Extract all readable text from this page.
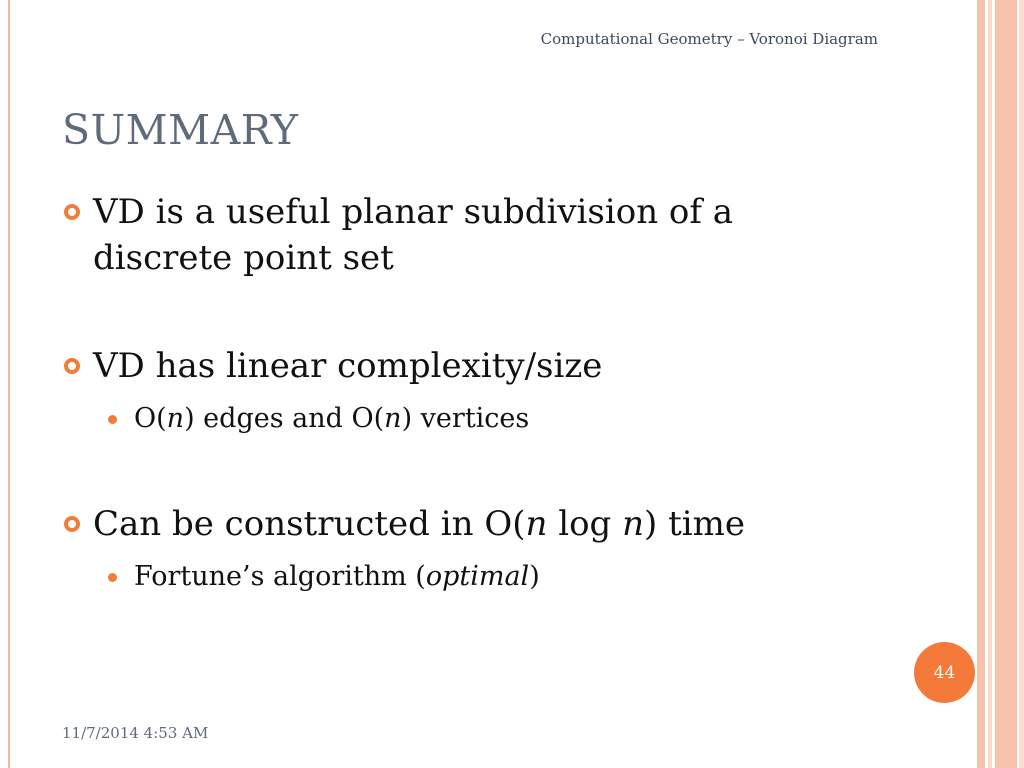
Computational Geometry – Voronoi Diagram
SUMMARY
VD is a useful planar subdivision of a discrete point set
VD has linear complexity/size
O(n) edges and O(n) vertices
Can be constructed in O(n log n) time
Fortune’s algorithm (optimal)
44
11/7/2014 4:53 AM
